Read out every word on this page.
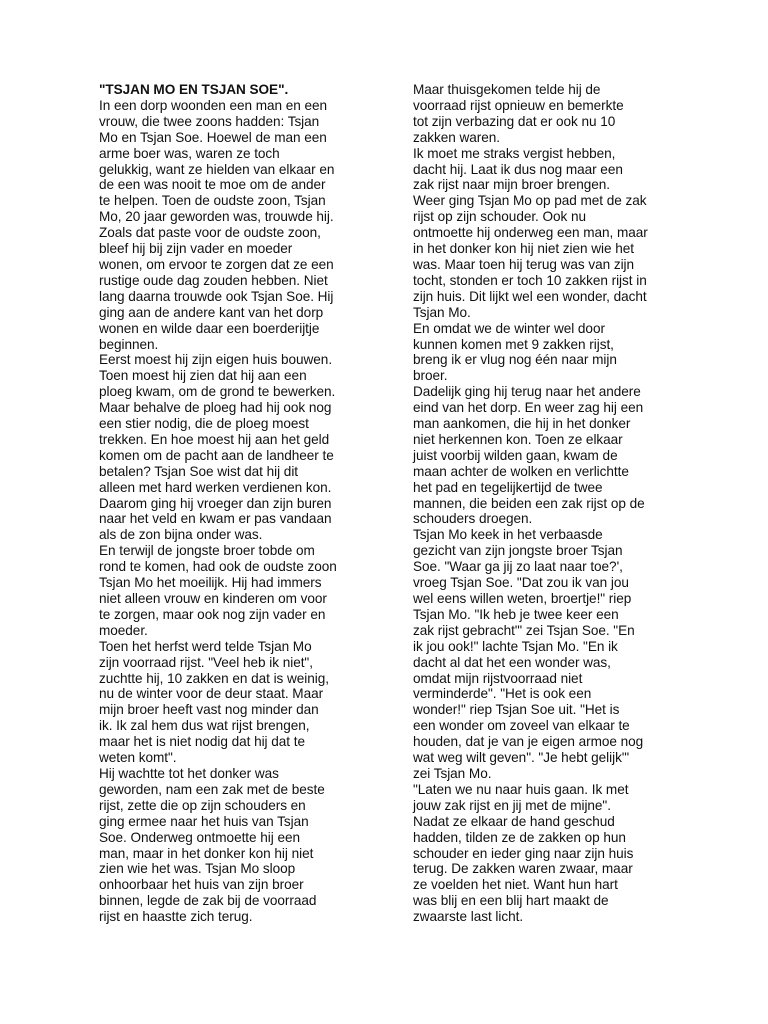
"TSJAN MO EN TSJAN SOE".
In een dorp woonden een man en een
vrouw, die twee zoons hadden: Tsjan
Mo en Tsjan Soe. Hoewel de man een
arme boer was, waren ze toch
gelukkig, want ze hielden van elkaar en
de een was nooit te moe om de ander
te helpen. Toen de oudste zoon, Tsjan
Mo, 20 jaar geworden was, trouwde hij.
Zoals dat paste voor de oudste zoon,
bleef hij bij zijn vader en moeder
wonen, om ervoor te zorgen dat ze een
rustige oude dag zouden hebben. Niet
lang daarna trouwde ook Tsjan Soe. Hij
ging aan de andere kant van het dorp
wonen en wilde daar een boerderijtje
beginnen.
Eerst moest hij zijn eigen huis bouwen.
Toen moest hij zien dat hij aan een
ploeg kwam, om de grond te bewerken.
Maar behalve de ploeg had hij ook nog
een stier nodig, die de ploeg moest
trekken. En hoe moest hij aan het geld
komen om de pacht aan de landheer te
betalen? Tsjan Soe wist dat hij dit
alleen met hard werken verdienen kon.
Daarom ging hij vroeger dan zijn buren
naar het veld en kwam er pas vandaan
als de zon bijna onder was.
En terwijl de jongste broer tobde om
rond te komen, had ook de oudste zoon
Tsjan Mo het moeilijk. Hij had immers
niet alleen vrouw en kinderen om voor
te zorgen, maar ook nog zijn vader en
moeder.
Toen het herfst werd telde Tsjan Mo
zijn voorraad rijst. "Veel heb ik niet",
zuchtte hij, 10 zakken en dat is weinig,
nu de winter voor de deur staat. Maar
mijn broer heeft vast nog minder dan
ik. Ik zal hem dus wat rijst brengen,
maar het is niet nodig dat hij dat te
weten komt".
Hij wachtte tot het donker was
geworden, nam een zak met de beste
rijst, zette die op zijn schouders en
ging ermee naar het huis van Tsjan
Soe. Onderweg ontmoette hij een
man, maar in het donker kon hij niet
zien wie het was. Tsjan Mo sloop
onhoorbaar het huis van zijn broer
binnen, legde de zak bij de voorraad
rijst en haastte zich terug.
Maar thuisgekomen telde hij de
voorraad rijst opnieuw en bemerkte
tot zijn verbazing dat er ook nu 10
zakken waren.
Ik moet me straks vergist hebben,
dacht hij. Laat ik dus nog maar een
zak rijst naar mijn broer brengen.
Weer ging Tsjan Mo op pad met de zak
rijst op zijn schouder. Ook nu
ontmoette hij onderweg een man, maar
in het donker kon hij niet zien wie het
was. Maar toen hij terug was van zijn
tocht, stonden er toch 10 zakken rijst in
zijn huis. Dit lijkt wel een wonder, dacht
Tsjan Mo.
En omdat we de winter wel door
kunnen komen met 9 zakken rijst,
breng ik er vlug nog één naar mijn
broer.
Dadelijk ging hij terug naar het andere
eind van het dorp. En weer zag hij een
man aankomen, die hij in het donker
niet herkennen kon. Toen ze elkaar
juist voorbij wilden gaan, kwam de
maan achter de wolken en verlichtte
het pad en tegelijkertijd de twee
mannen, die beiden een zak rijst op de
schouders droegen.
Tsjan Mo keek in het verbaasde
gezicht van zijn jongste broer Tsjan
Soe. "Waar ga jij zo laat naar toe?',
vroeg Tsjan Soe. "Dat zou ik van jou
wel eens willen weten, broertje!" riep
Tsjan Mo. "Ik heb je twee keer een
zak rijst gebracht"' zei Tsjan Soe. "En
ik jou ook!" lachte Tsjan Mo. "En ik
dacht al dat het een wonder was,
omdat mijn rijstvoorraad niet
verminderde". "Het is ook een
wonder!" riep Tsjan Soe uit. "Het is
een wonder om zoveel van elkaar te
houden, dat je van je eigen armoe nog
wat weg wilt geven". "Je hebt gelijk"'
zei Tsjan Mo.
"Laten we nu naar huis gaan. Ik met
jouw zak rijst en jij met de mijne".
Nadat ze elkaar de hand geschud
hadden, tilden ze de zakken op hun
schouder en ieder ging naar zijn huis
terug. De zakken waren zwaar, maar
ze voelden het niet. Want hun hart
was blij en een blij hart maakt de
zwaarste last licht.
